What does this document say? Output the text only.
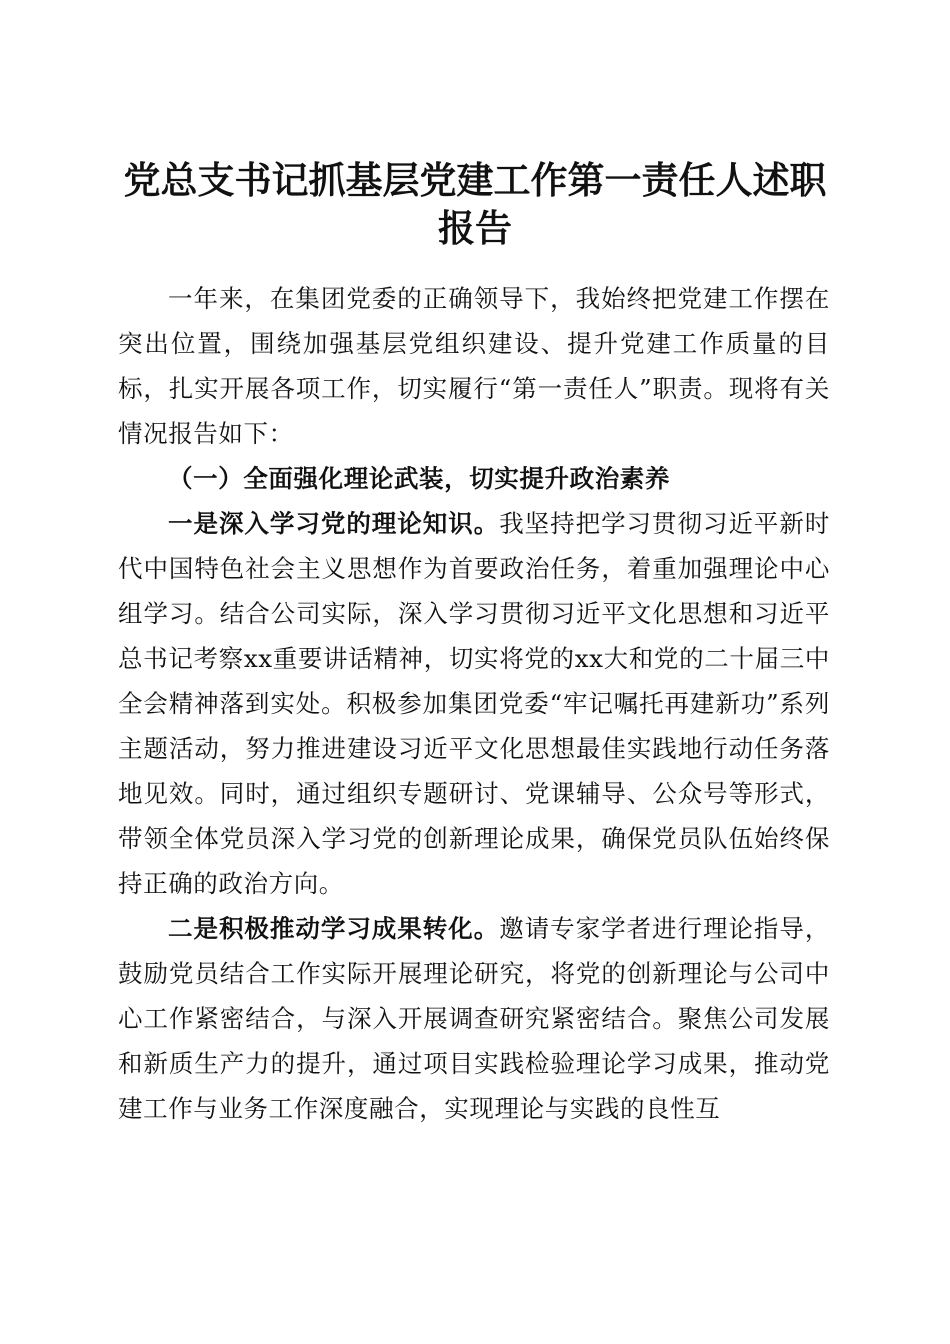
党总支书记抓基层党建工作第一责任人述职报告

一年来，在集团党委的正确领导下，我始终把党建工作摆在突出位置，围绕加强基层党组织建设、提升党建工作质量的目标，扎实开展各项工作，切实履行“第一责任人”职责。现将有关情况报告如下：

（一）全面强化理论武装，切实提升政治素养

一是深入学习党的理论知识。我坚持把学习贯彻习近平新时代中国特色社会主义思想作为首要政治任务，着重加强理论中心组学习。结合公司实际，深入学习贯彻习近平文化思想和习近平总书记考察xx重要讲话精神，切实将党的xx大和党的二十届三中全会精神落到实处。积极参加集团党委“牢记嘱托再建新功”系列主题活动，努力推进建设习近平文化思想最佳实践地行动任务落地见效。同时，通过组织专题研讨、党课辅导、公众号等形式，带领全体党员深入学习党的创新理论成果，确保党员队伍始终保持正确的政治方向。

二是积极推动学习成果转化。邀请专家学者进行理论指导，鼓励党员结合工作实际开展理论研究，将党的创新理论与公司中心工作紧密结合，与深入开展调查研究紧密结合。聚焦公司发展和新质生产力的提升，通过项目实践检验理论学习成果，推动党建工作与业务工作深度融合，实现理论与实践的良性互
